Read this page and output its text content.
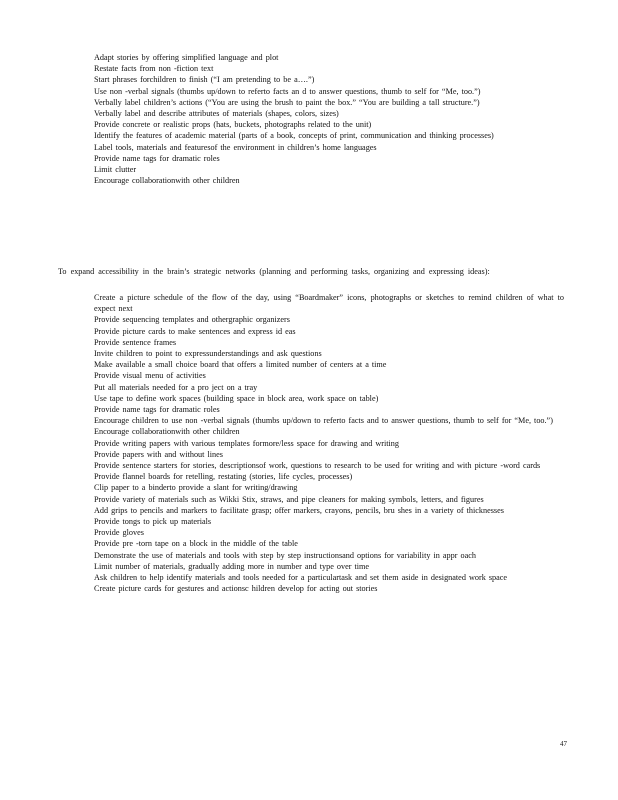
Adapt stories by offering simplified language and plot
Restate facts from non -fiction text
Start phrases forchildren to finish (“I am pretending to be a….”)
Use non -verbal signals (thumbs up/down to referto facts an d to answer questions, thumb to self for “Me, too.”)
Verbally label children’s actions (“You are using the brush to paint the box.” “You are building a tall structure.”)
Verbally label and describe attributes of materials (shapes, colors, sizes)
Provide concrete or realistic props (hats, buckets, photographs related to the unit)
Identify the features of academic material (parts of a book, concepts of print, communication and thinking processes)
Label tools, materials and featuresof the environment in children’s home languages
Provide name tags for dramatic roles
Limit clutter
Encourage collaborationwith other children

To expand accessibility in the brain’s strategic networks (planning and performing tasks, organizing and expressing ideas):

Create a picture schedule of the flow of the day, using “Boardmaker” icons, photographs or sketches to remind children of what to expect next
Provide sequencing templates and othergraphic organizers
Provide picture cards to make sentences and express id eas
Provide sentence frames
Invite children to point to expressunderstandings and ask questions
Make available a small choice board that offers a limited number of centers at a time
Provide visual menu of activities
Put all materials needed for a pro ject on a tray
Use tape to define work spaces (building space in block area, work space on table)
Provide name tags for dramatic roles
Encourage children to use non -verbal signals (thumbs up/down to referto facts and to answer questions, thumb to self for “Me, too.”)
Encourage collaborationwith other children
Provide writing papers with various templates formore/less space for drawing and writing
Provide papers with and without lines
Provide sentence starters for stories, descriptionsof work, questions to research to be used for writing and with picture -word cards
Provide flannel boards for retelling, restating (stories, life cycles, processes)
Clip paper to a binderto provide a slant for writing/drawing
Provide variety of materials such as Wikki Stix, straws, and pipe cleaners for making symbols, letters, and figures
Add grips to pencils and markers to facilitate grasp; offer markers, crayons, pencils, bru shes in a variety of thicknesses
Provide tongs to pick up materials
Provide gloves
Provide pre -torn tape on a block in the middle of the table
Demonstrate the use of materials and tools with step by step instructionsand options for variability in appr oach
Limit number of materials, gradually adding more in number and type over time
Ask children to help identify materials and tools needed for a particulartask and set them aside in designated work space
Create picture cards for gestures and actionsc hildren develop for acting out stories
47
